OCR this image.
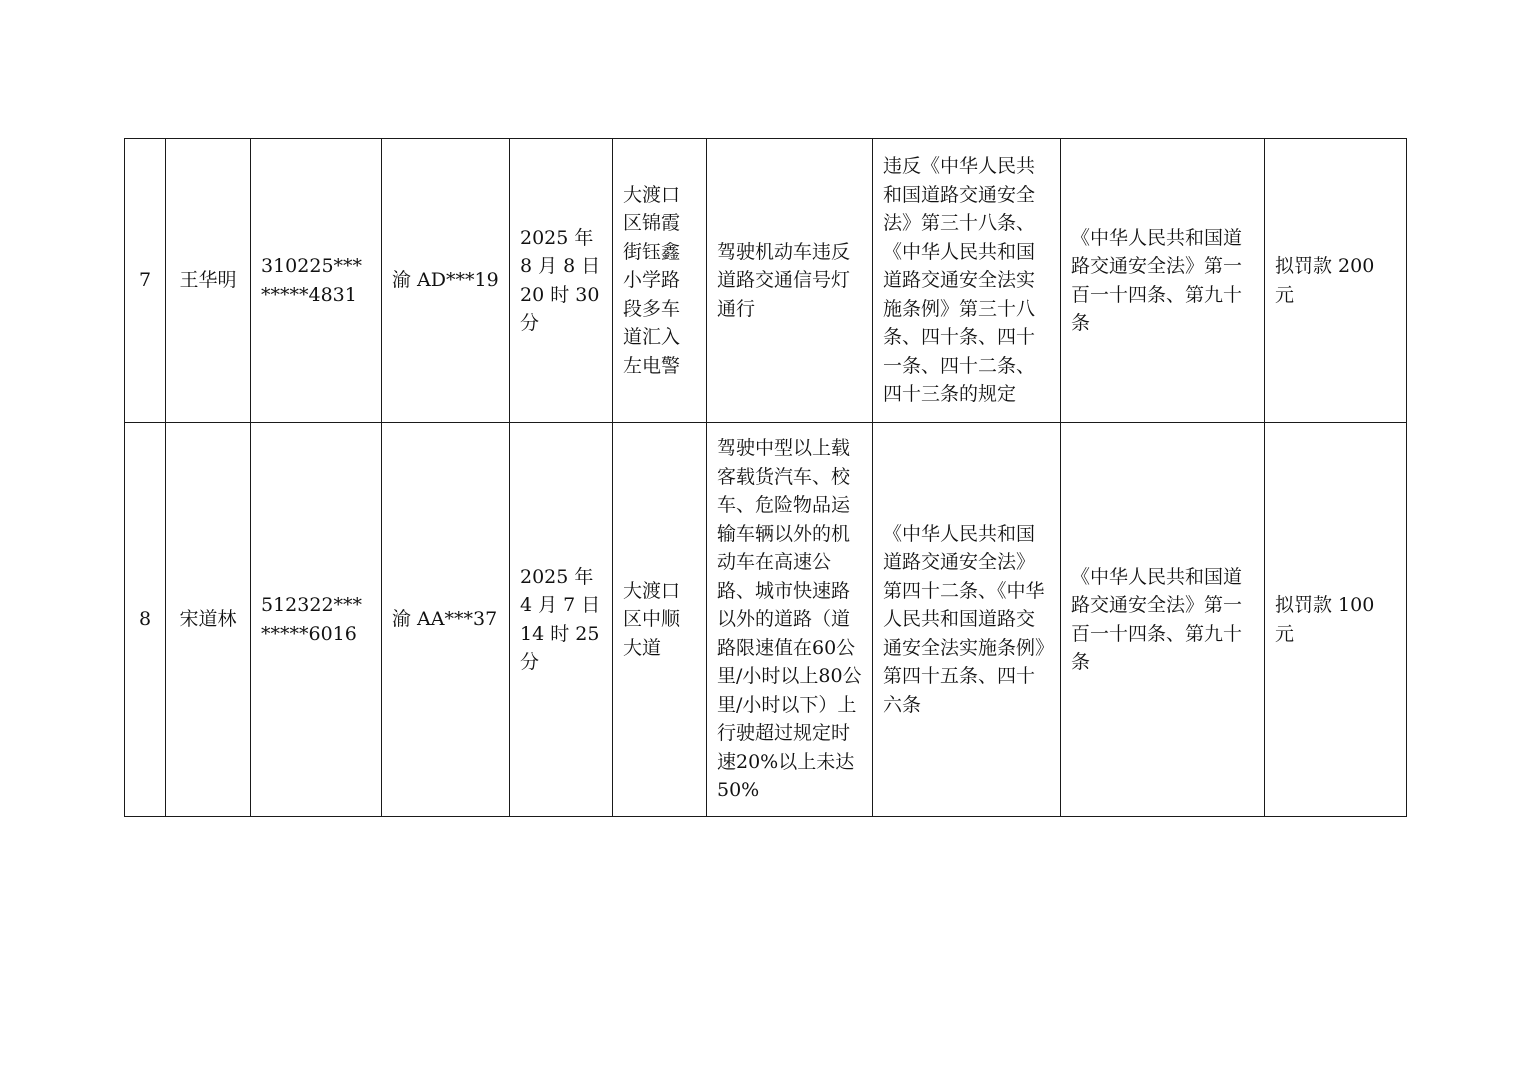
7	王华明	310225********4831	渝 AD***19	2025 年 8 月 8 日 20 时 30 分	大渡口区锦霞街钰鑫小学路段多车道汇入左电警	驾驶机动车违反道路交通信号灯通行	违反《中华人民共和国道路交通安全法》第三十八条、《中华人民共和国道路交通安全法实施条例》第三十八条、四十条、四十一条、四十二条、四十三条的规定	《中华人民共和国道路交通安全法》第一百一十四条、第九十条	拟罚款 200 元
8	宋道林	512322********6016	渝 AA***37	2025 年 4 月 7 日 14 时 25 分	大渡口区中顺大道	驾驶中型以上载客载货汽车、校车、危险物品运输车辆以外的机动车在高速公路、城市快速路以外的道路（道路限速值在60公里/小时以上80公里/小时以下）上行驶超过规定时速20%以上未达50%	《中华人民共和国道路交通安全法》第四十二条、《中华人民共和国道路交通安全法实施条例》第四十五条、四十六条	《中华人民共和国道路交通安全法》第一百一十四条、第九十条	拟罚款 100 元
